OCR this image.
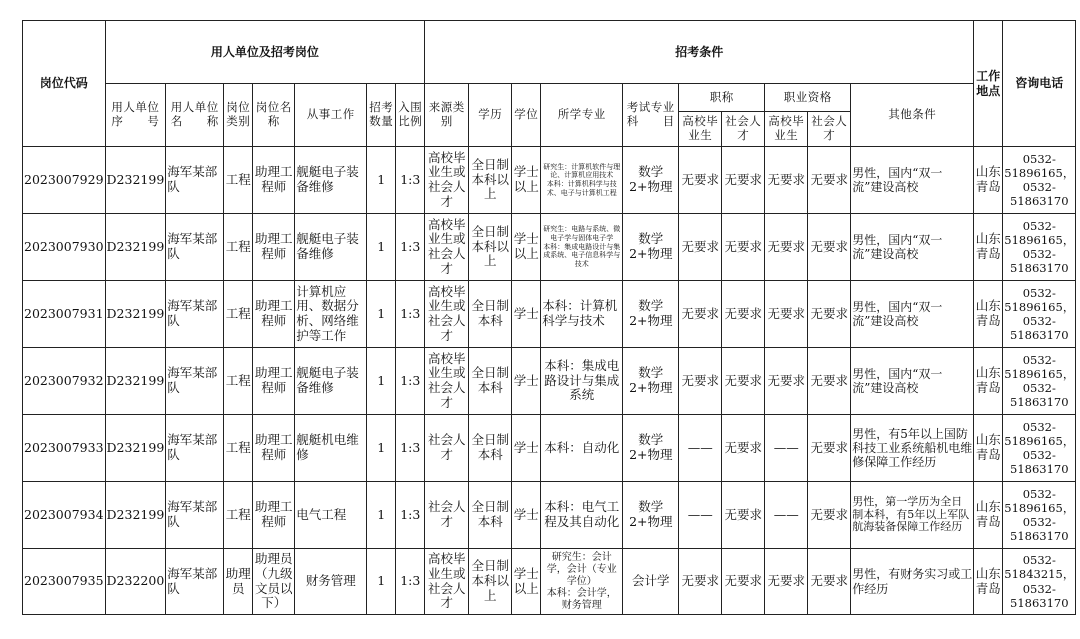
岗位代码	用人单位及招考岗位							招考条件										工作地点	咨询电话
	用人单位序　　号	用人单位名　　称	岗位类别	岗位名称	从事工作	招考数量	入围比例	来源类别	学历	学位	所学专业	考试专业科　　目	职称		职业资格		其他条件		
													高校毕业生	社会人才	高校毕业生	社会人才			
2023007929	D232199	海军某部队	工程	助理工程师	舰艇电子装备维修	1	1:3	高校毕业生或社会人才	全日制本科以上	学士以上	研究生：计算机软件与理论、计算机应用技术
本科：计算机科学与技术、电子与计算机工程	数学2+物理	无要求	无要求	无要求	无要求	男性，国内“双一流”建设高校	山东青岛	0532-51896165，0532-51863170
2023007930	D232199	海军某部队	工程	助理工程师	舰艇电子装备维修	1	1:3	高校毕业生或社会人才	全日制本科以上	学士以上	研究生：电路与系统、微电子学与固体电子学
本科：集成电路设计与集成系统、电子信息科学与技术	数学2+物理	无要求	无要求	无要求	无要求	男性，国内“双一流”建设高校	山东青岛	0532-51896165，0532-51863170
2023007931	D232199	海军某部队	工程	助理工程师	计算机应用、数据分析、网络维护等工作	1	1:3	高校毕业生或社会人才	全日制本科	学士	本科：计算机科学与技术	数学2+物理	无要求	无要求	无要求	无要求	男性，国内“双一流”建设高校	山东青岛	0532-51896165，0532-51863170
2023007932	D232199	海军某部队	工程	助理工程师	舰艇电子装备维修	1	1:3	高校毕业生或社会人才	全日制本科	学士	本科：集成电路设计与集成系统	数学2+物理	无要求	无要求	无要求	无要求	男性，国内“双一流”建设高校	山东青岛	0532-51896165，0532-51863170
2023007933	D232199	海军某部队	工程	助理工程师	舰艇机电维修	1	1:3	社会人才	全日制本科	学士	本科：自动化	数学2+物理	——	无要求	——	无要求	男性，有5年以上国防科技工业系统船机电维修保障工作经历	山东青岛	0532-51896165，0532-51863170
2023007934	D232199	海军某部队	工程	助理工程师	电气工程	1	1:3	社会人才	全日制本科	学士	本科：电气工程及其自动化	数学2+物理	——	无要求	——	无要求	男性，第一学历为全日制本科，有5年以上军队航海装备保障工作经历	山东青岛	0532-51896165，0532-51863170
2023007935	D232200	海军某部队	助理员	助理员（九级文员以下）	财务管理	1	1:3	高校毕业生或社会人才	全日制本科以上	学士以上	研究生：会计学，会计（专业学位）
本科：会计学，财务管理	会计学	无要求	无要求	无要求	无要求	男性，有财务实习或工作经历	山东青岛	0532-51843215，0532-51863170
